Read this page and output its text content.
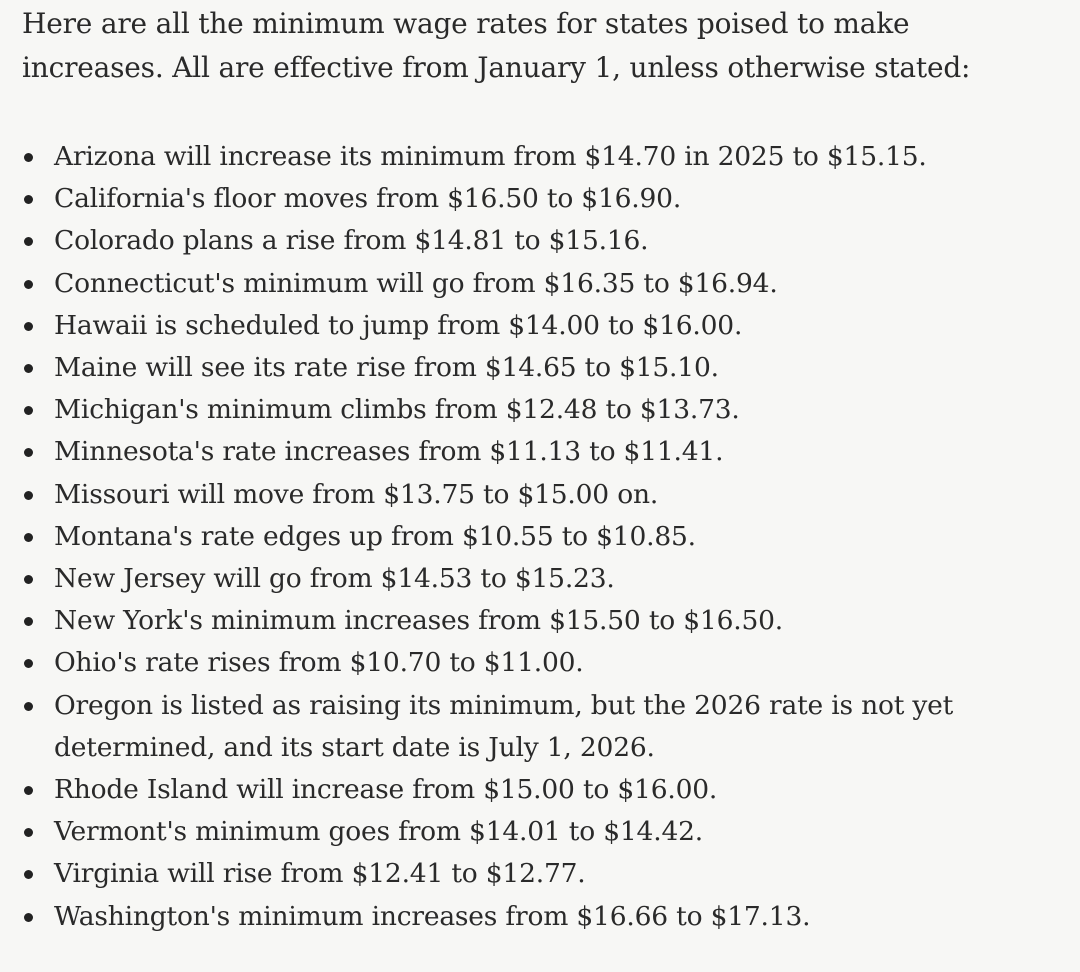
Here are all the minimum wage rates for states poised to make increases. All are effective from January 1, unless otherwise stated:

Arizona will increase its minimum from $14.70 in 2025 to $15.15.
California's floor moves from $16.50 to $16.90.
Colorado plans a rise from $14.81 to $15.16.
Connecticut's minimum will go from $16.35 to $16.94.
Hawaii is scheduled to jump from $14.00 to $16.00.
Maine will see its rate rise from $14.65 to $15.10.
Michigan's minimum climbs from $12.48 to $13.73.
Minnesota's rate increases from $11.13 to $11.41.
Missouri will move from $13.75 to $15.00 on.
Montana's rate edges up from $10.55 to $10.85.
New Jersey will go from $14.53 to $15.23.
New York's minimum increases from $15.50 to $16.50.
Ohio's rate rises from $10.70 to $11.00.
Oregon is listed as raising its minimum, but the 2026 rate is not yet determined, and its start date is July 1, 2026.
Rhode Island will increase from $15.00 to $16.00.
Vermont's minimum goes from $14.01 to $14.42.
Virginia will rise from $12.41 to $12.77.
Washington's minimum increases from $16.66 to $17.13.
